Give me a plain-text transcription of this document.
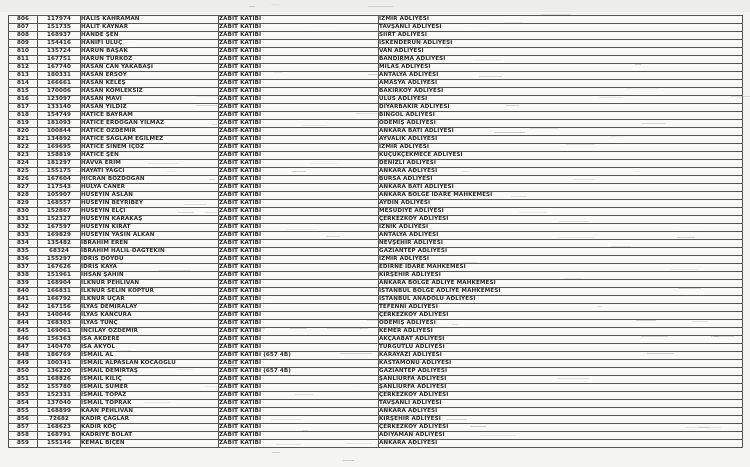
806	117974	HALİS KAHRAMAN	ZABIT KATİBİ	İZMİR ADLİYESİ
807	151735	HALİT KAYNAR	ZABIT KATİBİ	TAVŞANLI ADLİYESİ
808	168937	HANDE ŞEN	ZABIT KATİBİ	SİİRT ADLİYESİ
809	154416	HANİFİ ULUÇ	ZABIT KATİBİ	İSKENDERUN ADLİYESİ
810	135724	HARUN BAŞAK	ZABIT KATİBİ	VAN ADLİYESİ
811	167751	HARUN TÜRKÖZ	ZABIT KATİBİ	BANDIRMA ADLİYESİ
812	167740	HASAN CAN YAKABAŞI	ZABIT KATİBİ	MİLAS ADLİYESİ
813	180331	HASAN ERSOY	ZABIT KATİBİ	ANTALYA ADLİYESİ
814	166661	HASAN KELEŞ	ZABIT KATİBİ	AMASYA ADLİYESİ
815	170006	HASAN KÖMLEKSİZ	ZABIT KATİBİ	BAKIRKÖY ADLİYESİ
816	123097	HASAN MAVİ	ZABIT KATİBİ	ULUS ADLİYESİ
817	133140	HASAN YILDIZ	ZABIT KATİBİ	DİYARBAKIR ADLİYESİ
818	154749	HATİCE BAYRAM	ZABIT KATİBİ	BİNGÖL ADLİYESİ
819	181093	HATİCE ERDOĞAN YILMAZ	ZABIT KATİBİ	ÖDEMİŞ ADLİYESİ
820	100844	HATİCE ÖZDEMİR	ZABIT KATİBİ	ANKARA BATI ADLİYESİ
821	134892	HATİCE SAĞLAM EĞİLMEZ	ZABIT KATİBİ	AYVALIK ADLİYESİ
822	169695	HATİCE SİNEM İÇÖZ	ZABIT KATİBİ	İZMİR ADLİYESİ
823	158819	HATİCE ŞEN	ZABIT KATİBİ	KÜÇÜKÇEKMECE ADLİYESİ
824	181297	HAVVA ERİM	ZABIT KATİBİ	DENİZLİ ADLİYESİ
825	155175	HAYATİ YAĞCI	ZABIT KATİBİ	ANKARA ADLİYESİ
826	167604	HİCRAN BOZDOĞAN	ZABIT KATİBİ	BURSA ADLİYESİ
827	117543	HÜLYA CANER	ZABIT KATİBİ	ANKARA BATI ADLİYESİ
828	105907	HÜSEYİN ASLAN	ZABIT KATİBİ	ANKARA BÖLGE İDARE MAHKEMESİ
829	168557	HÜSEYİN BEYRİBEY	ZABIT KATİBİ	AYDIN ADLİYESİ
830	152867	HÜSEYİN ELÇİ	ZABIT KATİBİ	MESUDİYE ADLİYESİ
831	152327	HÜSEYİN KARAKAŞ	ZABIT KATİBİ	ÇERKEZKÖY ADLİYESİ
832	167597	HÜSEYİN KIRAT	ZABIT KATİBİ	İZNİK ADLİYESİ
833	169829	HÜSEYİN YASİN ALKAN	ZABIT KATİBİ	ANTALYA ADLİYESİ
834	135482	İBRAHİM EREN	ZABIT KATİBİ	NEVŞEHİR ADLİYESİ
835	68324	İBRAHİM HALİL DAĞTEKİN	ZABIT KATİBİ	GAZİANTEP ADLİYESİ
836	155297	İDRİS DOYDU	ZABIT KATİBİ	İZMİR ADLİYESİ
837	167626	İDRİS KAYA	ZABIT KATİBİ	EDİRNE İDARE MAHKEMESİ
838	151961	İHSAN ŞAHİN	ZABIT KATİBİ	KIRŞEHİR ADLİYESİ
839	168904	İLKNUR PEHLİVAN	ZABIT KATİBİ	ANKARA BÖLGE ADLİYE MAHKEMESİ
840	166831	İLKNUR SELİN KOPTUR	ZABIT KATİBİ	İSTANBUL BÖLGE ADLİYE MAHKEMESİ
841	166792	İLKNUR UÇAR	ZABIT KATİBİ	İSTANBUL ANADOLU ADLİYESİ
842	167156	İLYAS DEMİRALAY	ZABIT KATİBİ	TEFENNİ ADLİYESİ
843	140046	İLYAS KANCURA	ZABIT KATİBİ	ÇERKEZKÖY ADLİYESİ
844	168303	İLYAS TUNÇ	ZABIT KATİBİ	ÖDEMİŞ ADLİYESİ
845	169061	İNCİLAY ÖZDEMİR	ZABIT KATİBİ	KEMER ADLİYESİ
846	156363	İSA AKDERE	ZABIT KATİBİ	AKÇAABAT ADLİYESİ
847	140470	İSA AKYOL	ZABIT KATİBİ	TURGUTLU ADLİYESİ
848	186769	İSMAİL AL	ZABIT KATİBİ (657 4B)	KARAYAZI ADLİYESİ
849	100341	İSMAİL ALPASLAN KOCAOĞLU	ZABIT KATİBİ	KASTAMONU ADLİYESİ
850	136220	İSMAİL DEMİRTAŞ	ZABIT KATİBİ (657 4B)	GAZİANTEP ADLİYESİ
851	168826	İSMAİL KILIÇ	ZABIT KATİBİ	ŞANLIURFA ADLİYESİ
852	155780	İSMAİL SÜMER	ZABIT KATİBİ	ŞANLIURFA ADLİYESİ
853	152331	İSMAİL TOPAZ	ZABIT KATİBİ	ÇERKEZKÖY ADLİYESİ
854	137040	İSMAİL TOPRAK	ZABIT KATİBİ	TAVŞANLI ADLİYESİ
855	168899	KAAN PEHLİVAN	ZABIT KATİBİ	ANKARA ADLİYESİ
856	72682	KADİR ÇAĞLAR	ZABIT KATİBİ	KIRŞEHİR ADLİYESİ
857	168623	KADİR KOÇ	ZABIT KATİBİ	ÇERKEZKÖY ADLİYESİ
858	168791	KADRİYE BOLAT	ZABIT KATİBİ	ADIYAMAN ADLİYESİ
859	155146	KEMAL BİÇEN	ZABIT KATİBİ	ANKARA ADLİYESİ
